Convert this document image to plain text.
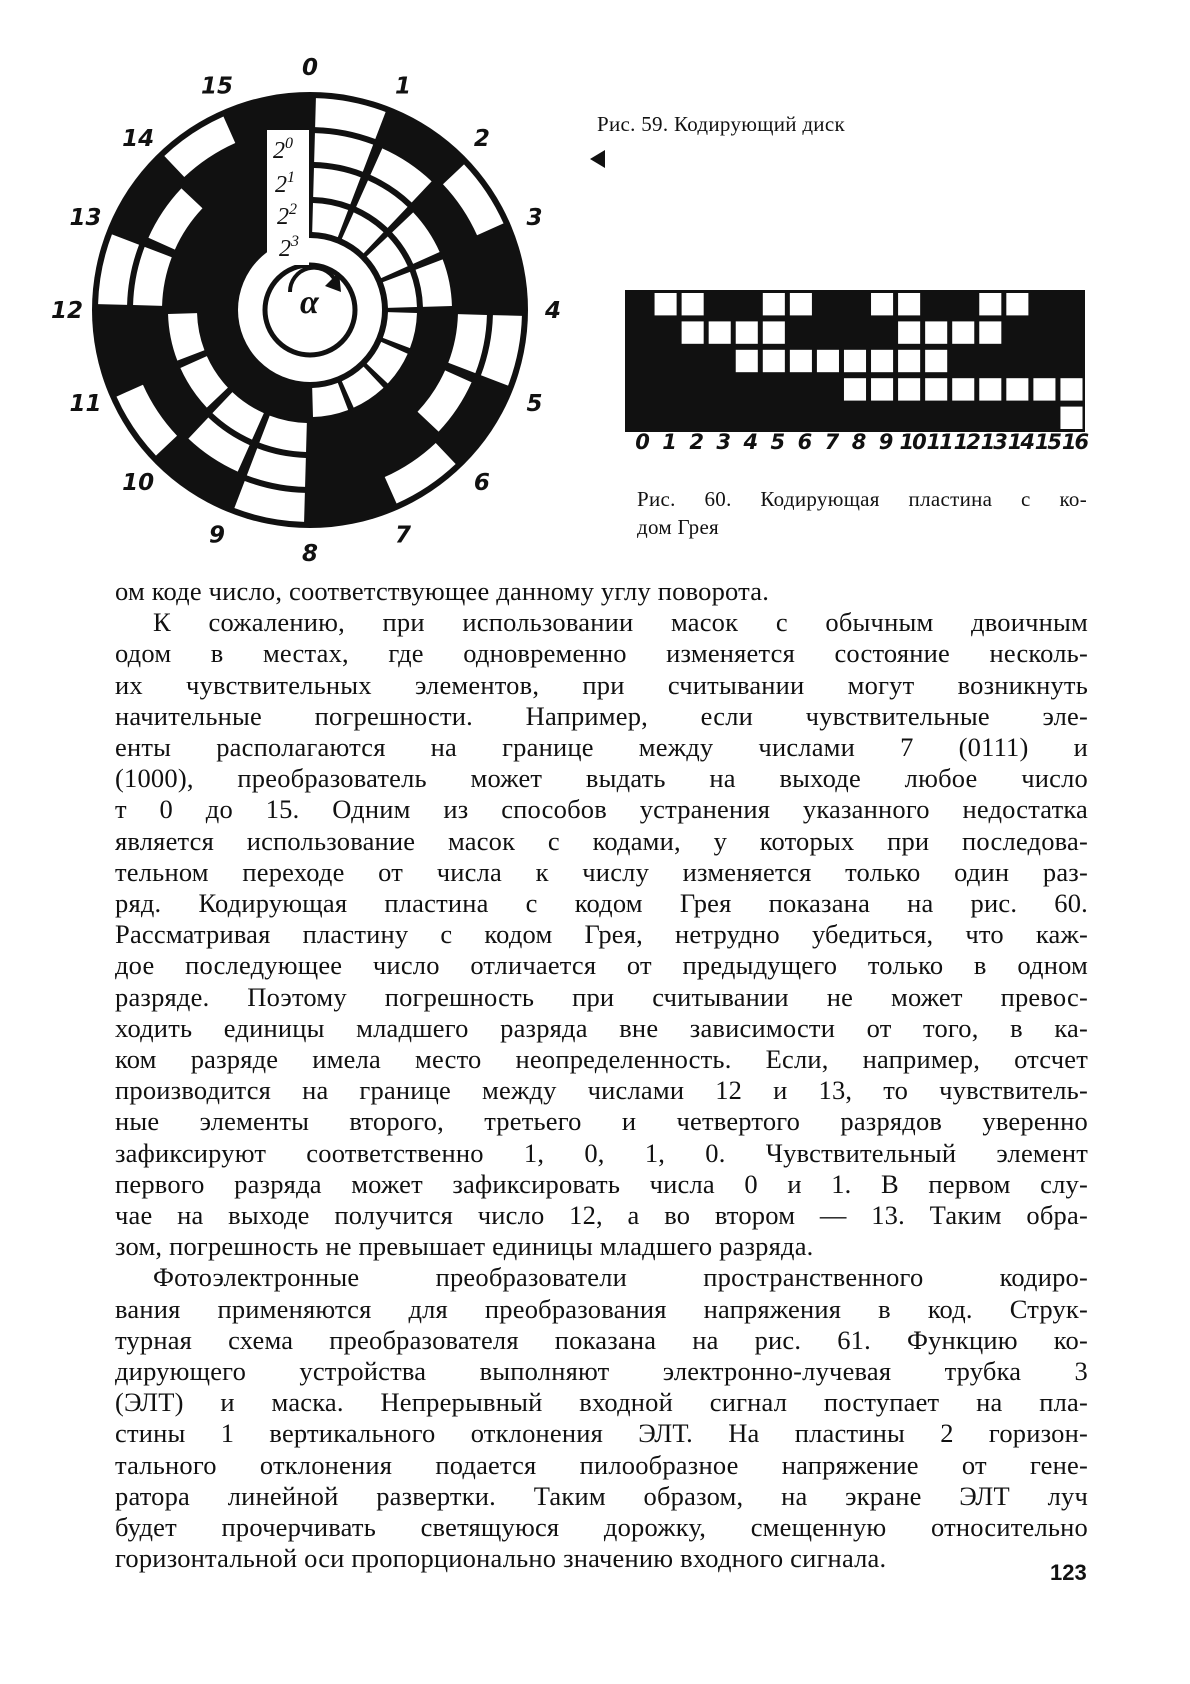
0
1
2
3
4
5
6
7
8
9
10
11
12
13
14
15
$2^0$
$2^1$
$2^2$
$2^3$
α
Рис. 59. Кодирующий диск
0 1 2 3 4 5 6 7 8 9 10 11 12 13 14 15 16
Рис. 60. Кодирующая пластина с ко-
дом Грея

ом коде число, соответствующее данному углу поворота.

К сожалению, при использовании масок с обычным двоичным
одом в местах, где одновременно изменяется состояние несколь-
их чувствительных элементов, при считывании могут возникнуть
начительные погрешности. Например, если чувствительные эле-
енты располагаются на границе между числами 7 (0111) и
(1000), преобразователь может выдать на выходе любое число
т 0 до 15. Одним из способов устранения указанного недостатка
является использование масок с кодами, у которых при последова-
тельном переходе от числа к числу изменяется только один раз-
ряд. Кодирующая пластина с кодом Грея показана на рис. 60.
Рассматривая пластину с кодом Грея, нетрудно убедиться, что каж-
дое последующее число отличается от предыдущего только в одном
разряде. Поэтому погрешность при считывании не может превос-
ходить единицы младшего разряда вне зависимости от того, в ка-
ком разряде имела место неопределенность. Если, например, отсчет
производится на границе между числами 12 и 13, то чувствитель-
ные элементы второго, третьего и четвертого разрядов уверенно
зафиксируют соответственно 1, 0, 1, 0. Чувствительный элемент
первого разряда может зафиксировать числа 0 и 1. В первом слу-
чае на выходе получится число 12, а во втором — 13. Таким обра-
зом, погрешность не превышает единицы младшего разряда.

Фотоэлектронные преобразователи пространственного кодиро-
вания применяются для преобразования напряжения в код. Струк-
турная схема преобразователя показана на рис. 61. Функцию ко-
дирующего устройства выполняют электронно-лучевая трубка 3
(ЭЛТ) и маска. Непрерывный входной сигнал поступает на пла-
стины 1 вертикального отклонения ЭЛТ. На пластины 2 горизон-
тального отклонения подается пилообразное напряжение от гене-
ратора линейной развертки. Таким образом, на экране ЭЛТ луч
будет прочерчивать светящуюся дорожку, смещенную относительно
горизонтальной оси пропорционально значению входного сигнала.	123
